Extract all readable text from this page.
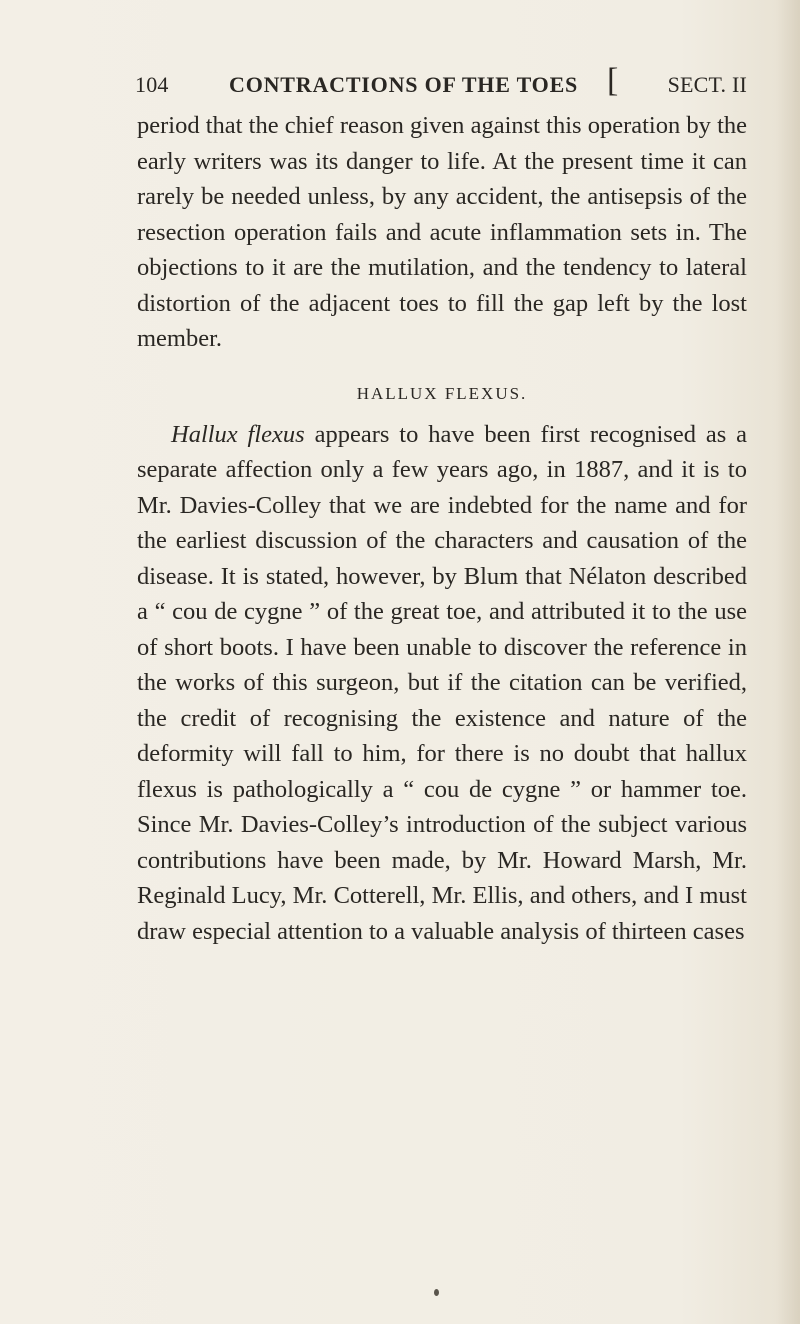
104	CONTRACTIONS OF THE TOES [ SECT. II

period that the chief reason given against this operation by the early writers was its danger to life. At the present time it can rarely be needed unless, by any accident, the antisepsis of the resection operation fails and acute inflammation sets in. The objections to it are the mutilation, and the tendency to lateral distortion of the adjacent toes to fill the gap left by the lost member.

HALLUX FLEXUS.

Hallux flexus appears to have been first recognised as a separate affection only a few years ago, in 1887, and it is to Mr. Davies-Colley that we are indebted for the name and for the earliest discussion of the characters and causation of the disease. It is stated, however, by Blum that Nélaton described a “ cou de cygne ” of the great toe, and attributed it to the use of short boots. I have been unable to discover the reference in the works of this surgeon, but if the citation can be verified, the credit of recognising the existence and nature of the deformity will fall to him, for there is no doubt that hallux flexus is pathologically a “ cou de cygne ” or hammer toe. Since Mr. Davies-Colley’s introduction of the subject various contributions have been made, by Mr. Howard Marsh, Mr. Reginald Lucy, Mr. Cotterell, Mr. Ellis, and others, and I must draw especial attention to a valuable analysis of thirteen cases
